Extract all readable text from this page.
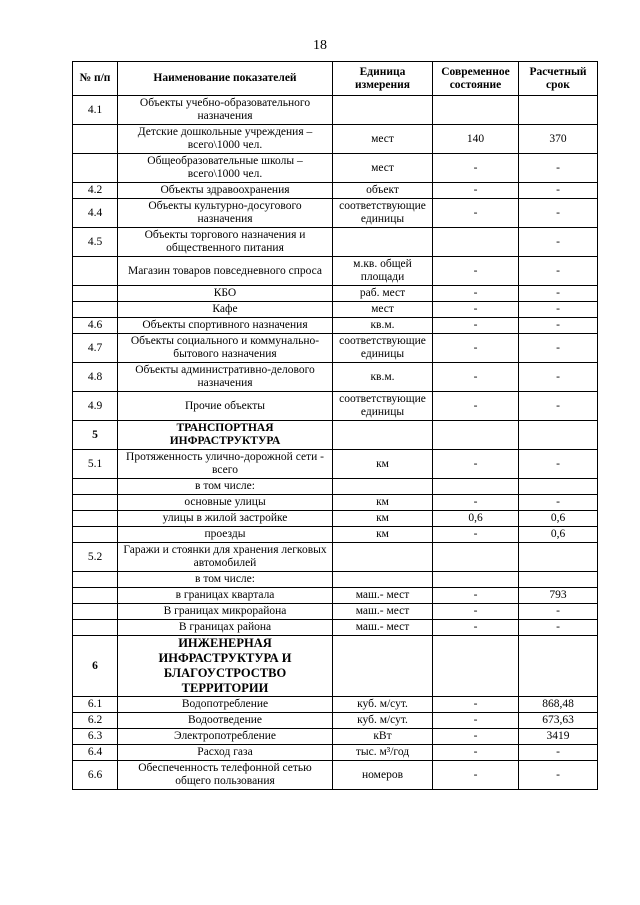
18
№ п/п	Наименование показателей	Единица измерения	Современное состояние	Расчетный срок
4.1	Объекты учебно-образовательного назначения			
	Детские дошкольные учреждения – всего\1000 чел.	мест	140	370
	Общеобразовательные школы – всего\1000 чел.	мест	-	-
4.2	Объекты здравоохранения	объект	-	-
4.4	Объекты культурно-досугового назначения	соответствующие единицы	-	-
4.5	Объекты торгового назначения и общественного питания			-
	Магазин товаров повседневного спроса	м.кв. общей площади	-	-
	КБО	раб. мест	-	-
	Кафе	мест	-	-
4.6	Объекты спортивного назначения	кв.м.	-	-
4.7	Объекты социального и коммунально-бытового назначения	соответствующие единицы	-	-
4.8	Объекты административно-делового назначения	кв.м.	-	-
4.9	Прочие объекты	соответствующие единицы	-	-
5	ТРАНСПОРТНАЯ ИНФРАСТРУКТУРА			
5.1	Протяженность улично-дорожной сети - всего	км	-	-
	в том числе:			
	основные улицы	км	-	-
	улицы в жилой застройке	км	0,6	0,6
	проезды	км	-	0,6
5.2	Гаражи и стоянки для хранения легковых автомобилей			
	в том числе:			
	в границах квартала	маш.- мест	-	793
	В границах микрорайона	маш.- мест	-	-
	В границах района	маш.- мест	-	-
6	ИНЖЕНЕРНАЯ ИНФРАСТРУКТУРА И БЛАГОУСТРОСТВО ТЕРРИТОРИИ			
6.1	Водопотребление	куб. м/сут.	-	868,48
6.2	Водоотведение	куб. м/сут.	-	673,63
6.3	Электропотребление	кВт	-	3419
6.4	Расход газа	тыс. м³/год	-	-
6.6	Обеспеченность телефонной сетью общего пользования	номеров	-	-
